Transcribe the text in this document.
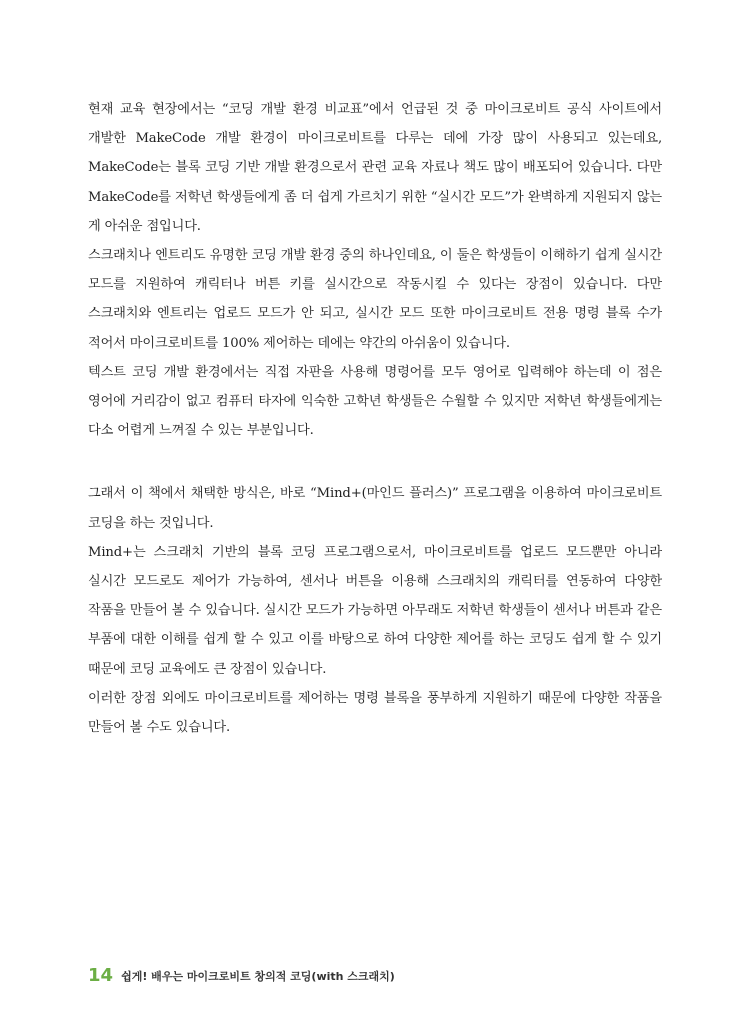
현재 교육 현장에서는 “코딩 개발 환경 비교표”에서 언급된 것 중 마이크로비트 공식 사이트에서 개발한 MakeCode 개발 환경이 마이크로비트를 다루는 데에 가장 많이 사용되고 있는데요, MakeCode는 블록 코딩 기반 개발 환경으로서 관련 교육 자료나 책도 많이 배포되어 있습니다. 다만 MakeCode를 저학년 학생들에게 좀 더 쉽게 가르치기 위한 “실시간 모드”가 완벽하게 지원되지 않는 게 아쉬운 점입니다.

스크래치나 엔트리도 유명한 코딩 개발 환경 중의 하나인데요, 이 둘은 학생들이 이해하기 쉽게 실시간 모드를 지원하여 캐릭터나 버튼 키를 실시간으로 작동시킬 수 있다는 장점이 있습니다. 다만 스크래치와 엔트리는 업로드 모드가 안 되고, 실시간 모드 또한 마이크로비트 전용 명령 블록 수가 적어서 마이크로비트를 100% 제어하는 데에는 약간의 아쉬움이 있습니다.

텍스트 코딩 개발 환경에서는 직접 자판을 사용해 명령어를 모두 영어로 입력해야 하는데 이 점은 영어에 거리감이 없고 컴퓨터 타자에 익숙한 고학년 학생들은 수월할 수 있지만 저학년 학생들에게는 다소 어렵게 느껴질 수 있는 부분입니다.

그래서 이 책에서 채택한 방식은, 바로 “Mind+(마인드 플러스)” 프로그램을 이용하여 마이크로비트 코딩을 하는 것입니다.

Mind+는 스크래치 기반의 블록 코딩 프로그램으로서, 마이크로비트를 업로드 모드뿐만 아니라 실시간 모드로도 제어가 가능하여, 센서나 버튼을 이용해 스크래치의 캐릭터를 연동하여 다양한 작품을 만들어 볼 수 있습니다. 실시간 모드가 가능하면 아무래도 저학년 학생들이 센서나 버튼과 같은 부품에 대한 이해를 쉽게 할 수 있고 이를 바탕으로 하여 다양한 제어를 하는 코딩도 쉽게 할 수 있기 때문에 코딩 교육에도 큰 장점이 있습니다.

이러한 장점 외에도 마이크로비트를 제어하는 명령 블록을 풍부하게 지원하기 때문에 다양한 작품을 만들어 볼 수도 있습니다.

14 쉽게! 배우는 마이크로비트 창의적 코딩(with 스크래치)
